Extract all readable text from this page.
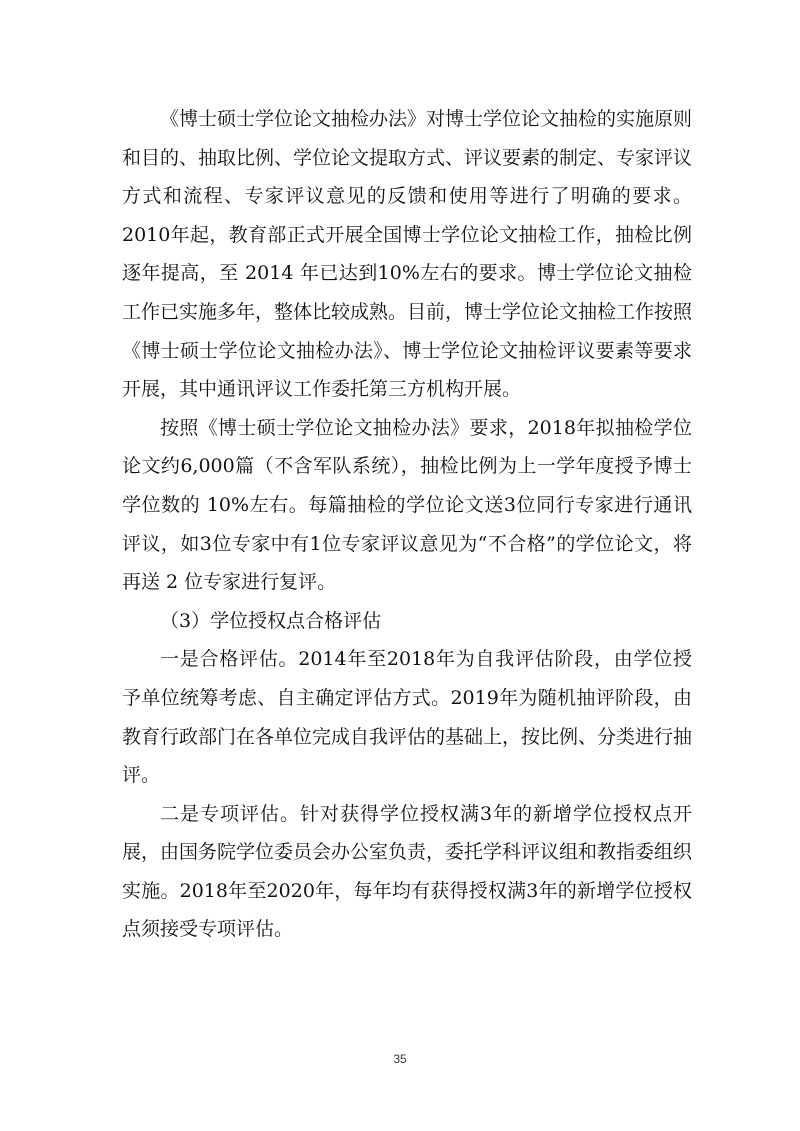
《博士硕士学位论文抽检办法》对博士学位论文抽检的实施原则和目的、抽取比例、学位论文提取方式、评议要素的制定、专家评议方式和流程、专家评议意见的反馈和使用等进行了明确的要求。2010年起，教育部正式开展全国博士学位论文抽检工作，抽检比例逐年提高，至 2014 年已达到10%左右的要求。博士学位论文抽检工作已实施多年，整体比较成熟。目前，博士学位论文抽检工作按照《博士硕士学位论文抽检办法》、博士学位论文抽检评议要素等要求开展，其中通讯评议工作委托第三方机构开展。

按照《博士硕士学位论文抽检办法》要求，2018年拟抽检学位论文约6,000篇（不含军队系统），抽检比例为上一学年度授予博士学位数的 10%左右。每篇抽检的学位论文送3位同行专家进行通讯评议，如3位专家中有1位专家评议意见为“不合格”的学位论文，将再送 2 位专家进行复评。

（3）学位授权点合格评估

一是合格评估。2014年至2018年为自我评估阶段，由学位授予单位统筹考虑、自主确定评估方式。2019年为随机抽评阶段，由教育行政部门在各单位完成自我评估的基础上，按比例、分类进行抽评。

二是专项评估。针对获得学位授权满3年的新增学位授权点开展，由国务院学位委员会办公室负责，委托学科评议组和教指委组织实施。2018年至2020年，每年均有获得授权满3年的新增学位授权点须接受专项评估。

35
